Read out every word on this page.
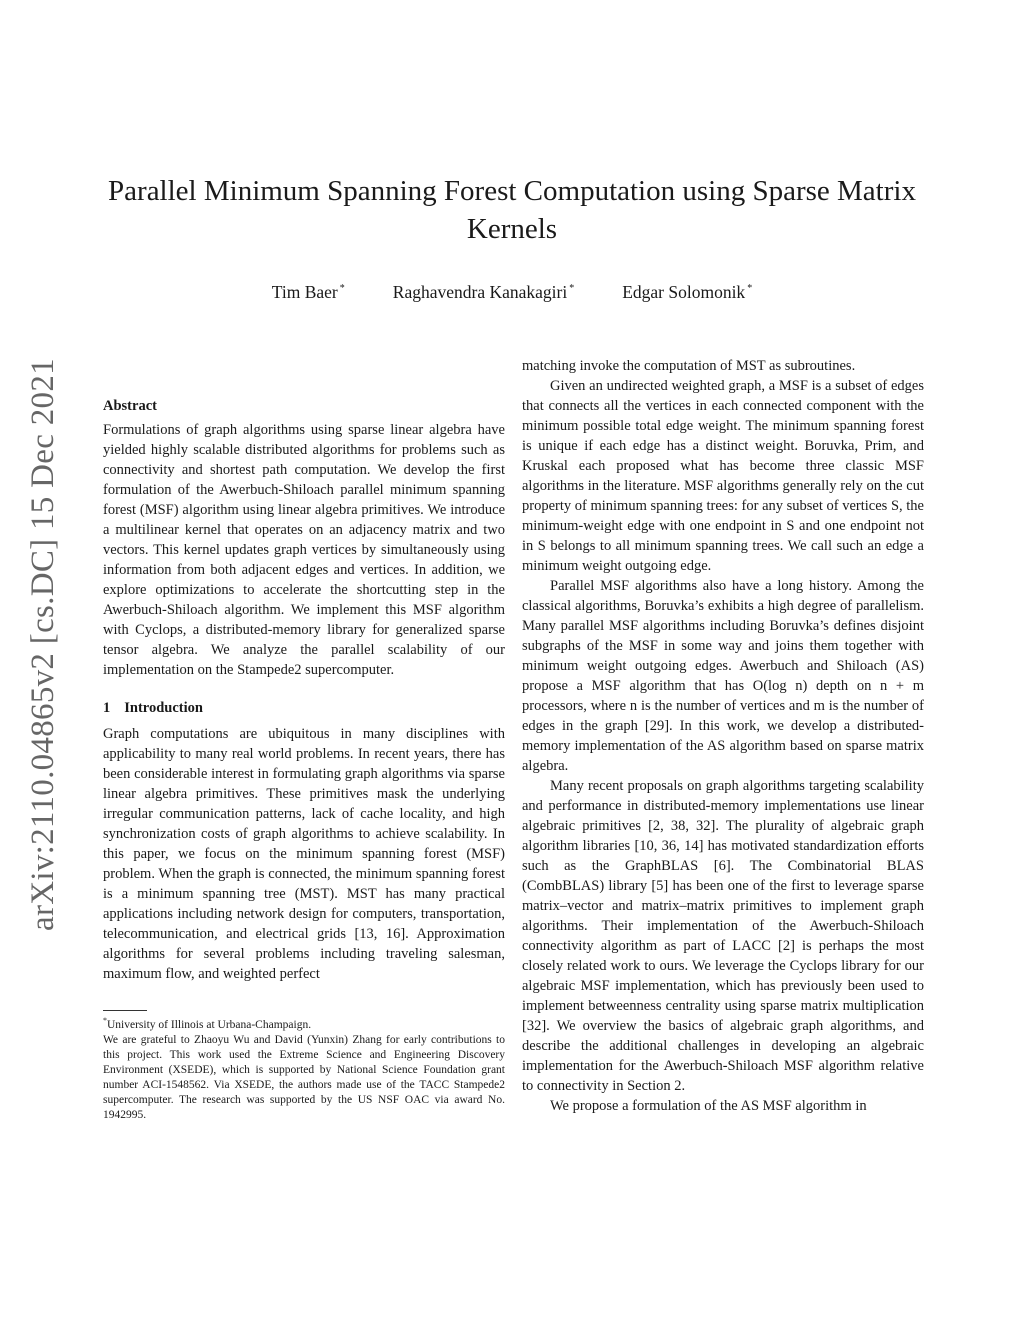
Parallel Minimum Spanning Forest Computation using Sparse Matrix Kernels
Tim Baer *	Raghavendra Kanakagiri *	Edgar Solomonik *
arXiv:2110.04865v2 [cs.DC] 15 Dec 2021	Abstract

Formulations of graph algorithms using sparse linear algebra have yielded highly scalable distributed algorithms for problems such as connectivity and shortest path computation. We develop the first formulation of the Awerbuch-Shiloach parallel minimum spanning forest (MSF) algorithm using linear algebra primitives. We introduce a multilinear kernel that operates on an adjacency matrix and two vectors. This kernel updates graph vertices by simultaneously using information from both adjacent edges and vertices. In addition, we explore optimizations to accelerate the shortcutting step in the Awerbuch-Shiloach algorithm. We implement this MSF algorithm with Cyclops, a distributed-memory library for generalized sparse tensor algebra. We analyze the parallel scalability of our implementation on the Stampede2 supercomputer.

1 Introduction

Graph computations are ubiquitous in many disciplines with applicability to many real world problems. In recent years, there has been considerable interest in formulating graph algorithms via sparse linear algebra primitives. These primitives mask the underlying irregular communication patterns, lack of cache locality, and high synchronization costs of graph algorithms to achieve scalability. In this paper, we focus on the minimum spanning forest (MSF) problem. When the graph is connected, the minimum spanning forest is a minimum spanning tree (MST). MST has many practical applications including network design for computers, transportation, telecommunication, and electrical grids [13, 16]. Approximation algorithms for several problems including traveling salesman, maximum flow, and weighted perfect

*University of Illinois at Urbana-Champaign.

We are grateful to Zhaoyu Wu and David (Yunxin) Zhang for early contributions to this project. This work used the Extreme Science and Engineering Discovery Environment (XSEDE), which is supported by National Science Foundation grant number ACI-1548562. Via XSEDE, the authors made use of the TACC Stampede2 supercomputer. The research was supported by the US NSF OAC via award No. 1942995.

matching invoke the computation of MST as subroutines.

Given an undirected weighted graph, a MSF is a subset of edges that connects all the vertices in each connected component with the minimum possible total edge weight. The minimum spanning forest is unique if each edge has a distinct weight. Boruvka, Prim, and Kruskal each proposed what has become three classic MSF algorithms in the literature. MSF algorithms generally rely on the cut property of minimum spanning trees: for any subset of vertices S, the minimum-weight edge with one endpoint in S and one endpoint not in S belongs to all minimum spanning trees. We call such an edge a minimum weight outgoing edge.

Parallel MSF algorithms also have a long history. Among the classical algorithms, Boruvka’s exhibits a high degree of parallelism. Many parallel MSF algorithms including Boruvka’s defines disjoint subgraphs of the MSF in some way and joins them together with minimum weight outgoing edges. Awerbuch and Shiloach (AS) propose a MSF algorithm that has O(log n) depth on n + m processors, where n is the number of vertices and m is the number of edges in the graph [29]. In this work, we develop a distributed-memory implementation of the AS algorithm based on sparse matrix algebra.

Many recent proposals on graph algorithms targeting scalability and performance in distributed-memory implementations use linear algebraic primitives [2, 38, 32]. The plurality of algebraic graph algorithm libraries [10, 36, 14] has motivated standardization efforts such as the GraphBLAS [6]. The Combinatorial BLAS (CombBLAS) library [5] has been one of the first to leverage sparse matrix–vector and matrix–matrix primitives to implement graph algorithms. Their implementation of the Awerbuch-Shiloach connectivity algorithm as part of LACC [2] is perhaps the most closely related work to ours. We leverage the Cyclops library for our algebraic MSF implementation, which has previously been used to implement betweenness centrality using sparse matrix multiplication [32]. We overview the basics of algebraic graph algorithms, and describe the additional challenges in developing an algebraic implementation for the Awerbuch-Shiloach MSF algorithm relative to connectivity in Section 2.

We propose a formulation of the AS MSF algorithm in
